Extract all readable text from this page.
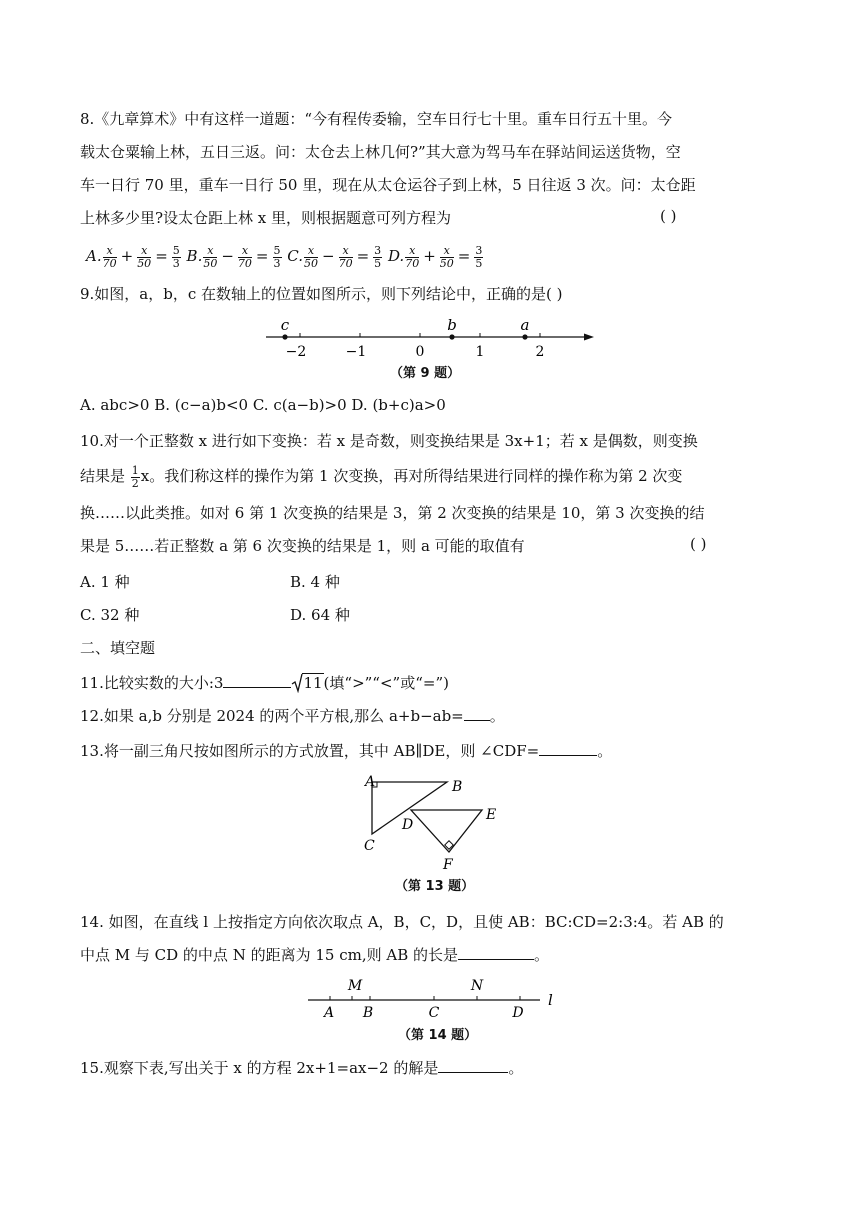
8.《九章算术》中有这样一道题：“今有程传委输，空车日行七十里。重车日行五十里。今
载太仓粟输上林，五日三返。问：太仓去上林几何?”其大意为驾马车在驿站间运送货物，空
车一日行 70 里，重车一日行 50 里，现在从太仓运谷子到上林，5 日往返 3 次。问：太仓距
上林多少里?设太仓距上林 x 里，则根据题意可列方程为	( )
A. $\frac{x}{70} + \frac{x}{50} = \frac{5}{3} B$. $\frac{x}{50} - \frac{x}{70} = \frac{5}{3} C$. $\frac{x}{50} - \frac{x}{70} = \frac{3}{5} D$. $\frac{x}{70} + \frac{x}{50} = \frac{3}{5}$
9.如图，a，b，c 在数轴上的位置如图所示，则下列结论中，正确的是( )
c	b	a
−2	−1	0	1	2
（第 9 题）
A. abc>0 B. (c−a)b<0 C. c(a−b)>0 D. (b+c)a>0
10.对一个正整数 x 进行如下变换：若 x 是奇数，则变换结果是 3x+1；若 x 是偶数，则变换
结果是 $\frac{1}{2}$ x。我们称这样的操作为第 1 次变换，再对所得结果进行同样的操作称为第 2 次变
换……以此类推。如对 6 第 1 次变换的结果是 3，第 2 次变换的结果是 10，第 3 次变换的结
果是 5……若正整数 a 第 6 次变换的结果是 1，则 a 可能的取值有	( )
A. 1 种	B. 4 种
C. 32 种	D. 64 种
二、填空题
11.比较实数的大小:3	11(填“>”“<”或“=”)
12.如果 a,b 分别是 2024 的两个平方根,那么 a+b−ab= 。
13.将一副三角尺按如图所示的方式放置，其中 AB∥DE，则 ∠CDF=	。
A	B
C
D
E
F
（第 13 题）
14. 如图，在直线 l 上按指定方向依次取点 A，B，C，D，且使 AB：BC:CD=2:3:4。若 AB 的
中点 M 与 CD 的中点 N 的距离为 15 cm,则 AB 的长是	。
M	N
A B	C	D
l
（第 14 题）
15.观察下表,写出关于 x 的方程 2x+1=ax−2 的解是	。
